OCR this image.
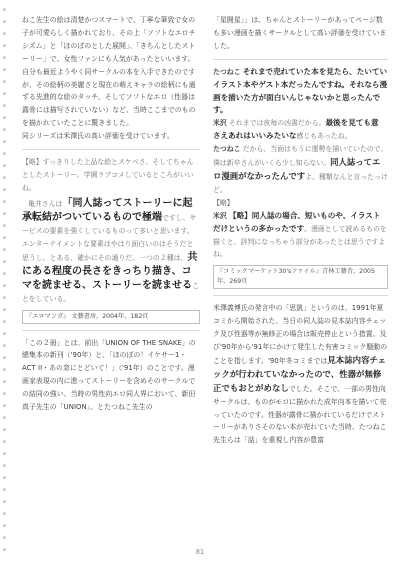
ねこ先生の絵は清楚かつスマートで、丁寧な筆致で女の子が可愛らしく描かれており、その上「ソフトなエロチシズム」と「ほのぼのとした展開」、「きちんとしたストーリー」で、女性ファンにも人気があったといいます。自分も最近ようやく同サークルの本を入手できたのですが、その絵柄の美麗さと現在の萌えキャラの絵柄にも通ずる先進的な絵のタッチ、そしてソフトなエロ（性器は露骨には描写されていない）など、当時ここまでのものを描かれていたことに驚きました。

同シリーズは米澤氏の高い評価を受けています。

【略】すっきりした上品な絵とスケベさ、そしてちゃんとしたストーリー。学園ラブコメしているところがいいね。

亀井さんは「同人誌ってストーリーに起承転結がついているもので極端ですし、サービスの要素を強くしているものって多いと思います。エンターテイメントな要素はやはり面白いのはそうだと思うし、とある、確かにその通りだ。一つの２種は、共にある程度の長さをきっちり描き、コマを読ませる、ストーリーを読ませることをしている。

『エロマンガ』 文藝書房，2004年，182頁

「この２冊」とは、前出「UNION OF THE SNAKE」の總集本の新刊（'90年）と、「ほのぼの！イケサー1・ACT II・あの窓にとどいて！」（'91年）のことです。漫画家表現の内に進ってストーリーを含めそのサークルでの結同の強い、当時の男性向エロ同人界において、新田真子先生の「UNION」、とたつねこ先生の

「星闘星」」は、ちゃんとストーリーがあってページ数も多い漫画を描くサークルとして高い評価を受けていました。

たつねこ それまで売れていた本を見たら、たいていイラスト本やゲスト本だったんですね。それなら漫画を描いた方が面白いんじゃないかと思ったんです。

米沢 それまでは夜毎の凶書だから。最後を見ても意 さえあれはいいみたいな感じもあったね。

たつねこ だから、当面はもうに運勢を描いていたので、僕は新卒さんがいくら少し知らない。同人誌ってエロ漫画がなかったんですよ。種類なんと言ったっけど。

【略】

米沢 【略】同人誌の場合、短いものや、イラストだけというの多かったです。漫画として読めるものを描くと、評判になっちゃう部分があったとは思うですよね。

『コミックマーケット30'sファイル』青林工藝舎，2005年，269頁

米澤義博氏の発言中の「思凱」というのは、1991年夏コミから開始された、当日の同人誌の見本誌内容チェック及び性器等が無修正の場合は販売停止という措置、及び'90年から'91年にかけて発生した有害コミック騒動のことを指します。'90年冬コミまでは見本誌内容チェックが行われていなかったので、性器が無修正でもおとがめなしでした。そこで、一部の男性向サークルは、ものがモロに描かれた成年向本を描いて売っていたのです。性器が露骨に描かれているだけでストーリーがありさそのない本が売れていた当時、たつねこ先生らは「話」を重視し内容が豊富

81
